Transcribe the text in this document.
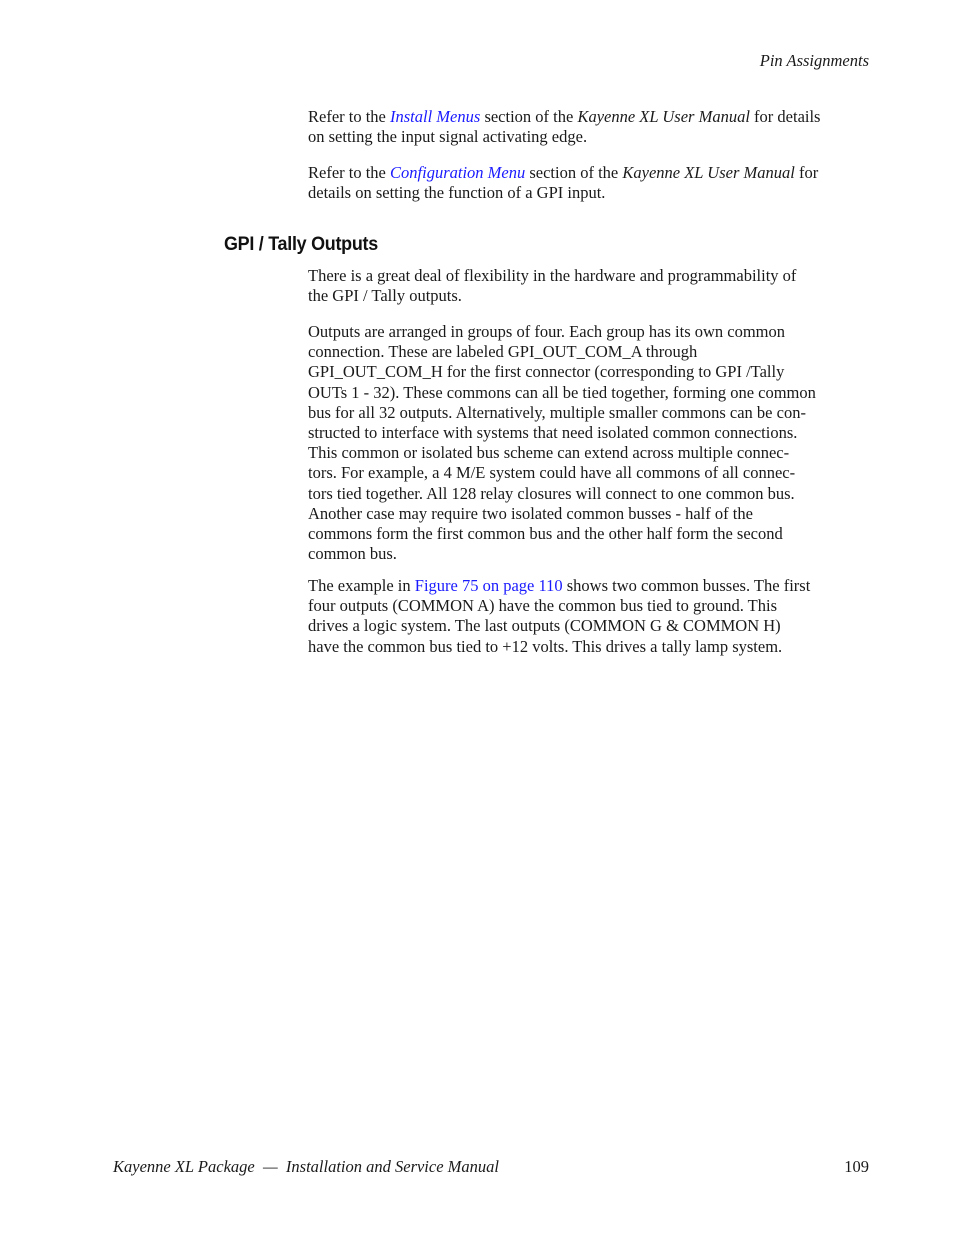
Pin Assignments
Refer to the Install Menus section of the Kayenne XL User Manual for details
on setting the input signal activating edge.
Refer to the Configuration Menu section of the Kayenne XL User Manual for
details on setting the function of a GPI input.
GPI / Tally Outputs
There is a great deal of flexibility in the hardware and programmability of
the GPI / Tally outputs.
Outputs are arranged in groups of four. Each group has its own common
connection. These are labeled GPI_OUT_COM_A through
GPI_OUT_COM_H for the first connector (corresponding to GPI /Tally
OUTs 1 - 32). These commons can all be tied together, forming one common
bus for all 32 outputs. Alternatively, multiple smaller commons can be con-
structed to interface with systems that need isolated common connections.
This common or isolated bus scheme can extend across multiple connec-
tors. For example, a 4 M/E system could have all commons of all connec-
tors tied together. All 128 relay closures will connect to one common bus.
Another case may require two isolated common busses - half of the
commons form the first common bus and the other half form the second
common bus.
The example in Figure 75 on page 110 shows two common busses. The first
four outputs (COMMON A) have the common bus tied to ground. This
drives a logic system. The last outputs (COMMON G & COMMON H)
have the common bus tied to +12 volts. This drives a tally lamp system.
Kayenne XL Package  —  Installation and Service Manual	109
